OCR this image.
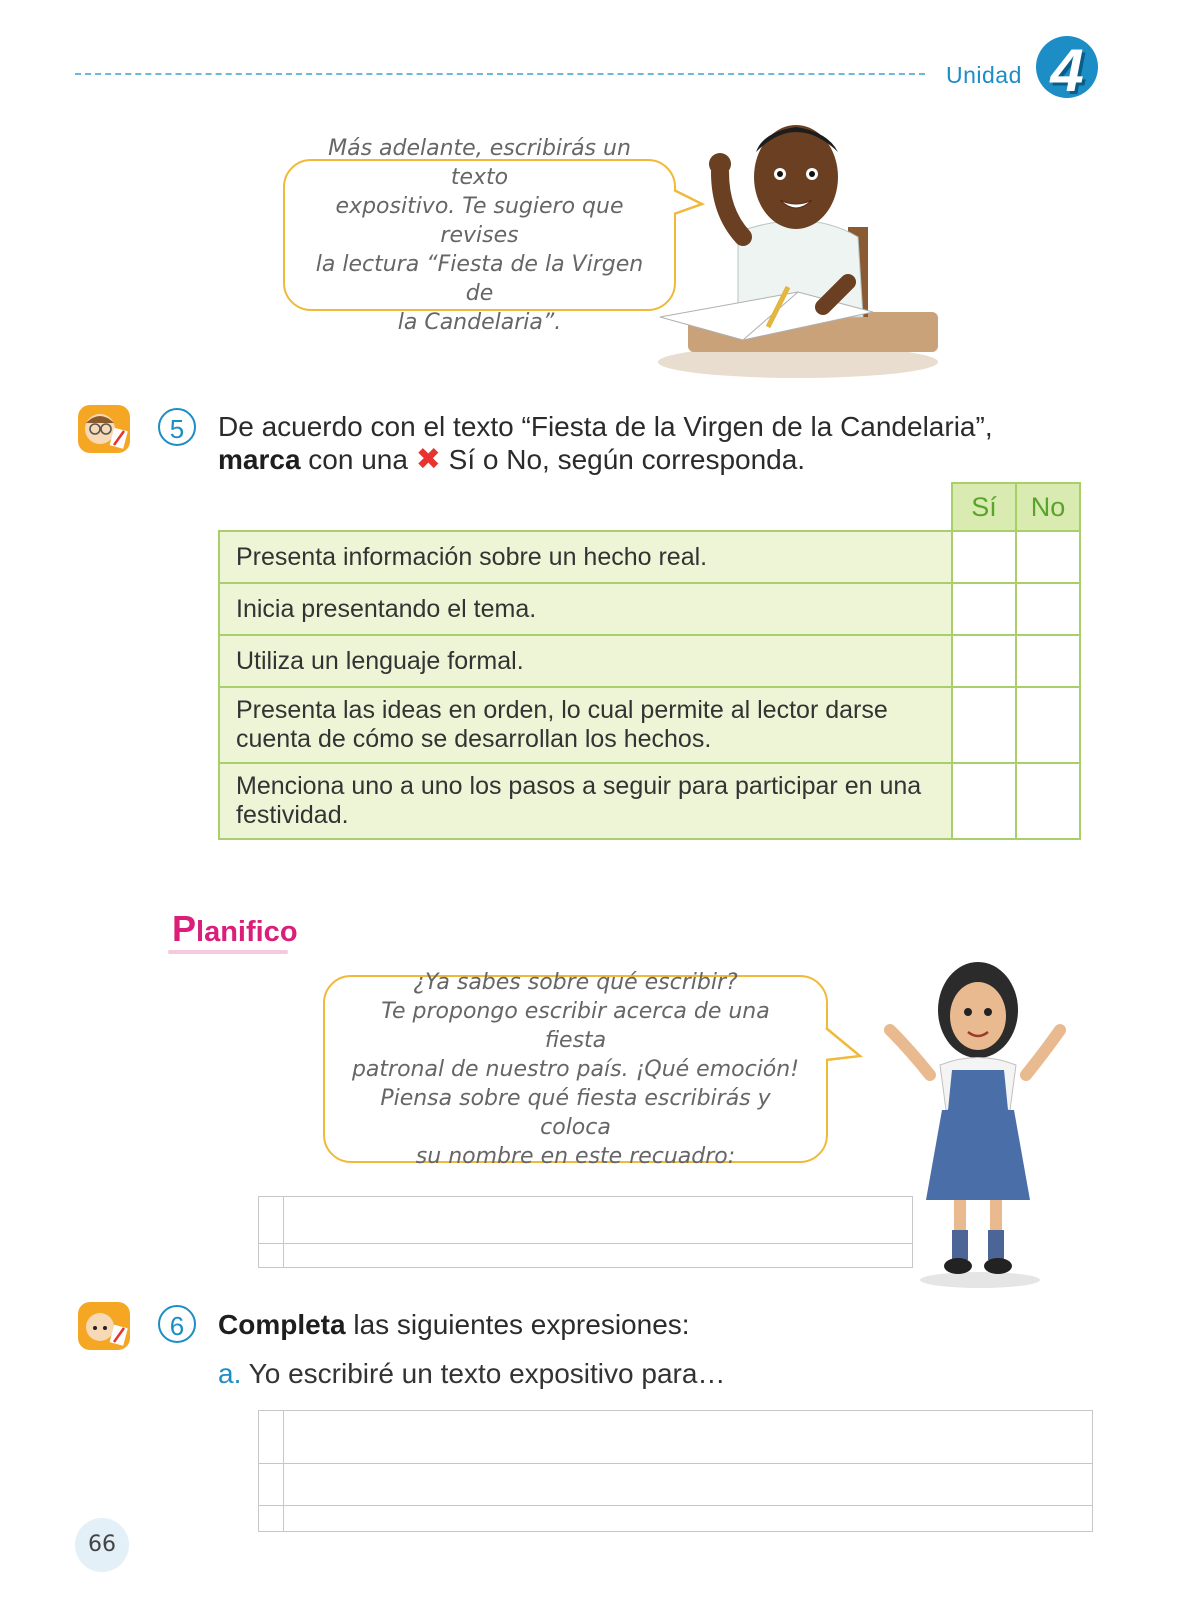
Unidad 4
Más adelante, escribirás un texto
expositivo. Te sugiero que revises
la lectura “Fiesta de la Virgen de
la Candelaria”.
5	De acuerdo con el texto “Fiesta de la Virgen de la Candelaria”,
marca con una ✖ Sí o No, según corresponda.
	Sí	No
Presenta información sobre un hecho real.		
Inicia presentando el tema.		
Utiliza un lenguaje formal.		
Presenta las ideas en orden, lo cual permite al lector darse cuenta de cómo se desarrollan los hechos.		
Menciona uno a uno los pasos a seguir para participar en una festividad.		
Planifico
¿Ya sabes sobre qué escribir?
Te propongo escribir acerca de una fiesta
patronal de nuestro país. ¡Qué emoción!
Piensa sobre qué fiesta escribirás y coloca
su nombre en este recuadro:
6	Completa las siguientes expresiones:
a. Yo escribiré un texto expositivo para…
66
